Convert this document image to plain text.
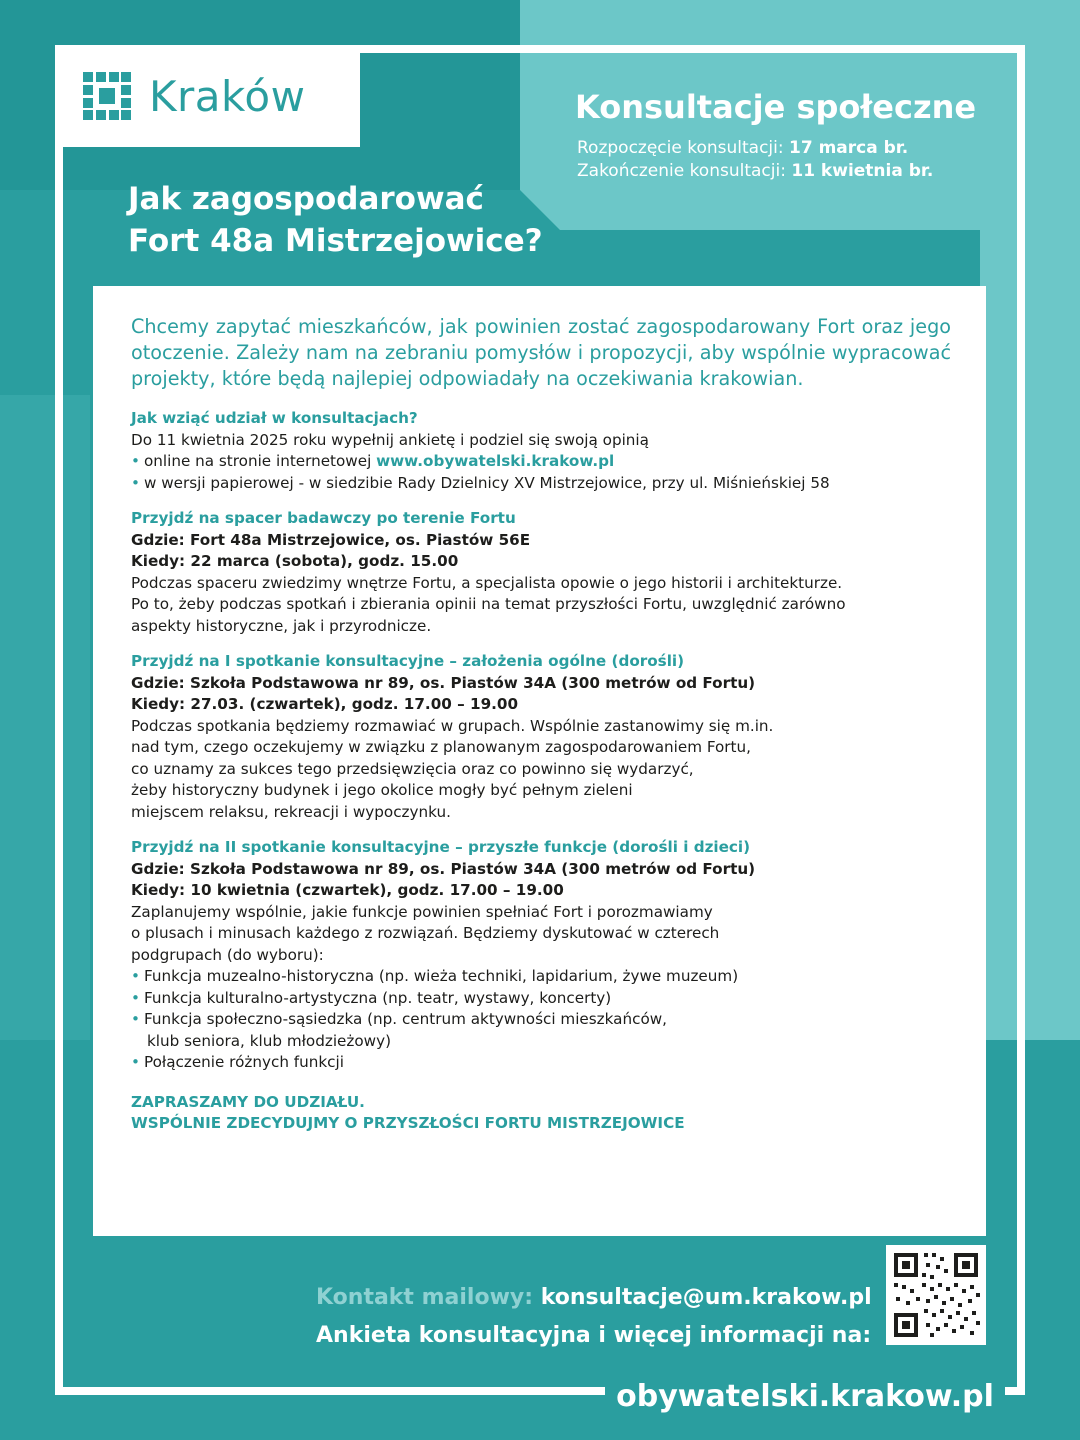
Kraków	Konsultacje społeczne
Rozpoczęcie konsultacji: 17 marca br.
Zakończenie konsultacji: 11 kwietnia br.
Jak zagospodarować
Fort 48a Mistrzejowice?

Chcemy zapytać mieszkańców, jak powinien zostać zagospodarowany Fort oraz jego otoczenie. Zależy nam na zebraniu pomysłów i propozycji, aby wspólnie wypracować projekty, które będą najlepiej odpowiadały na oczekiwania krakowian.

Jak wziąć udział w konsultacjach?

Do 11 kwietnia 2025 roku wypełnij ankietę i podziel się swoją opinią

• online na stronie internetowej www.obywatelski.krakow.pl

• w wersji papierowej - w siedzibie Rady Dzielnicy XV Mistrzejowice, przy ul. Miśnieńskiej 58

Przyjdź na spacer badawczy po terenie Fortu

Gdzie: Fort 48a Mistrzejowice, os. Piastów 56E

Kiedy: 22 marca (sobota), godz. 15.00

Podczas spaceru zwiedzimy wnętrze Fortu, a specjalista opowie o jego historii i architekturze.

Po to, żeby podczas spotkań i zbierania opinii na temat przyszłości Fortu, uwzględnić zarówno

aspekty historyczne, jak i przyrodnicze.

Przyjdź na I spotkanie konsultacyjne – założenia ogólne (dorośli)

Gdzie: Szkoła Podstawowa nr 89, os. Piastów 34A (300 metrów od Fortu)

Kiedy: 27.03. (czwartek), godz. 17.00 – 19.00

Podczas spotkania będziemy rozmawiać w grupach. Wspólnie zastanowimy się m.in.

nad tym, czego oczekujemy w związku z planowanym zagospodarowaniem Fortu,

co uznamy za sukces tego przedsięwzięcia oraz co powinno się wydarzyć,

żeby historyczny budynek i jego okolice mogły być pełnym zieleni

miejscem relaksu, rekreacji i wypoczynku.

Przyjdź na II spotkanie konsultacyjne – przyszłe funkcje (dorośli i dzieci)

Gdzie: Szkoła Podstawowa nr 89, os. Piastów 34A (300 metrów od Fortu)

Kiedy: 10 kwietnia (czwartek), godz. 17.00 – 19.00

Zaplanujemy wspólnie, jakie funkcje powinien spełniać Fort i porozmawiamy

o plusach i minusach każdego z rozwiązań. Będziemy dyskutować w czterech

podgrupach (do wyboru):

• Funkcja muzealno-historyczna (np. wieża techniki, lapidarium, żywe muzeum)

• Funkcja kulturalno-artystyczna (np. teatr, wystawy, koncerty)

• Funkcja społeczno-sąsiedzka (np. centrum aktywności mieszkańców,

klub seniora, klub młodzieżowy)

• Połączenie różnych funkcji

ZAPRASZAMY DO UDZIAŁU.

WSPÓLNIE ZDECYDUJMY O PRZYSZŁOŚCI FORTU MISTRZEJOWICE

Kontakt mailowy: konsultacje@um.krakow.pl
Ankieta konsultacyjna i więcej informacji na:
obywatelski.krakow.pl
